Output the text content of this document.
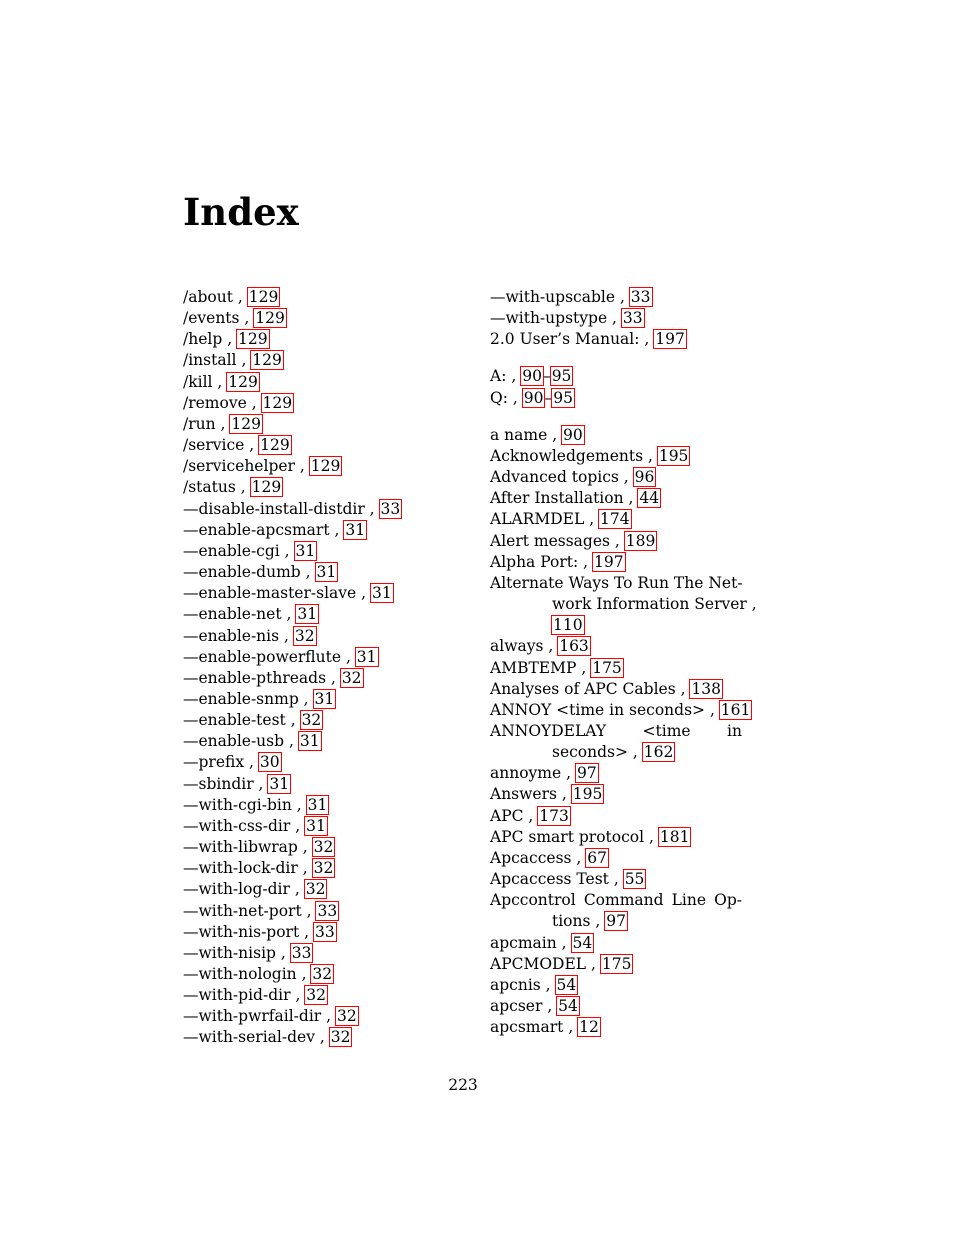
Index
/about , 129
/events , 129
/help , 129
/install , 129
/kill , 129
/remove , 129
/run , 129
/service , 129
/servicehelper , 129
/status , 129
—disable-install-distdir , 33
—enable-apcsmart , 31
—enable-cgi , 31
—enable-dumb , 31
—enable-master-slave , 31
—enable-net , 31
—enable-nis , 32
—enable-powerflute , 31
—enable-pthreads , 32
—enable-snmp , 31
—enable-test , 32
—enable-usb , 31
—prefix , 30
—sbindir , 31
—with-cgi-bin , 31
—with-css-dir , 31
—with-libwrap , 32
—with-lock-dir , 32
—with-log-dir , 32
—with-net-port , 33
—with-nis-port , 33
—with-nisip , 33
—with-nologin , 32
—with-pid-dir , 32
—with-pwrfail-dir , 32
—with-serial-dev , 32
—with-upscable , 33
—with-upstype , 33
2.0 User’s Manual: , 197
A: , 90–95
Q: , 90–95
a name , 90
Acknowledgements , 195
Advanced topics , 96
After Installation , 44
ALARMDEL , 174
Alert messages , 189
Alpha Port: , 197
Alternate Ways To Run The Net-
work Information Server ,
110
always , 163
AMBTEMP , 175
Analyses of APC Cables , 138
ANNOY <time in seconds> , 161
ANNOYDELAY <time in
seconds> , 162
annoyme , 97
Answers , 195
APC , 173
APC smart protocol , 181
Apcaccess , 67
Apcaccess Test , 55
Apccontrol Command Line Op-
tions , 97
apcmain , 54
APCMODEL , 175
apcnis , 54
apcser , 54
apcsmart , 12
223
